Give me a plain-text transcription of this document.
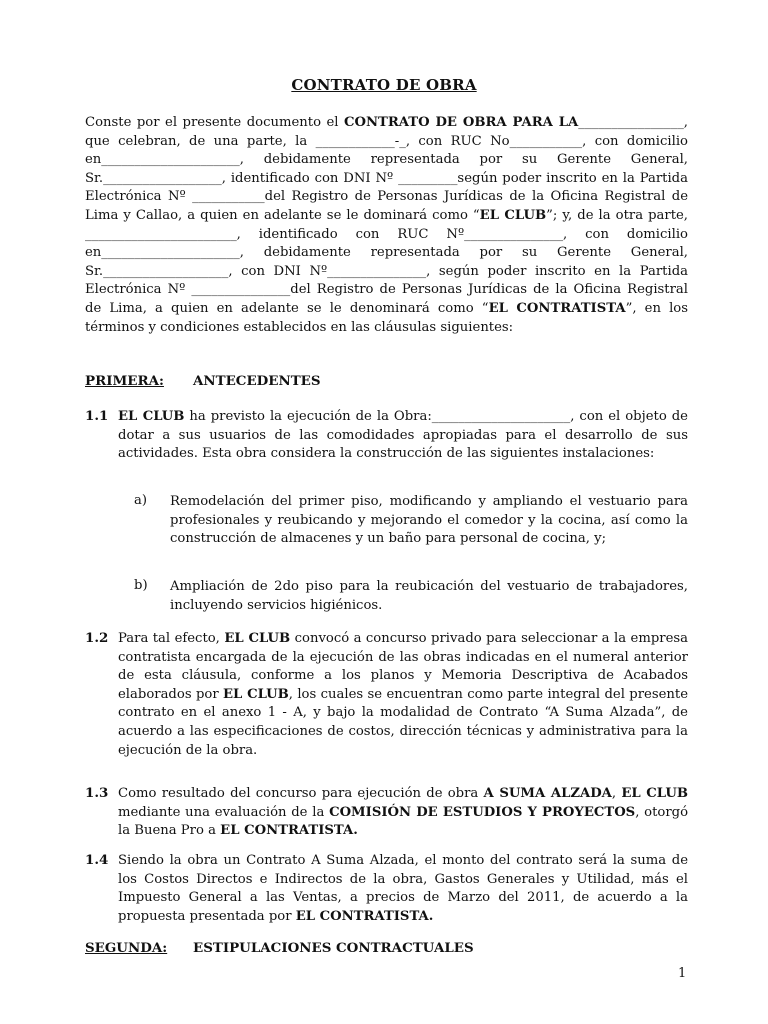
CONTRATO DE OBRA
Conste por el presente documento el CONTRATO DE OBRA PARA LA________________, que celebran, de una parte, la ____________-_, con RUC No___________, con domicilio en_____________________, debidamente representada por su Gerente General, Sr.__________________, identificado con DNI Nº _________según poder inscrito en la Partida Electrónica Nº ___________del Registro de Personas Jurídicas de la Oficina Registral de Lima y Callao, a quien en adelante se le dominará como “EL CLUB”; y, de la otra parte, _______________________, identificado con RUC Nº_______________, con domicilio en_____________________, debidamente representada por su Gerente General, Sr.___________________, con DNI Nº_______________, según poder inscrito en la Partida Electrónica Nº _______________del Registro de Personas Jurídicas de la Oficina Registral de Lima, a quien en adelante se le denominará como “EL CONTRATISTA”, en los términos y condiciones establecidos en las cláusulas siguientes:
PRIMERA: ANTECEDENTES
1.1 EL CLUB ha previsto la ejecución de la Obra:_____________________, con el objeto de dotar a sus usuarios de las comodidades apropiadas para el desarrollo de sus actividades. Esta obra considera la construcción de las siguientes instalaciones:
a) Remodelación del primer piso, modificando y ampliando el vestuario para profesionales y reubicando y mejorando el comedor y la cocina, así como la construcción de almacenes y un baño para personal de cocina, y;
b) Ampliación de 2do piso para la reubicación del vestuario de trabajadores, incluyendo servicios higiénicos.
1.2 Para tal efecto, EL CLUB convocó a concurso privado para seleccionar a la empresa contratista encargada de la ejecución de las obras indicadas en el numeral anterior de esta cláusula, conforme a los planos y Memoria Descriptiva de Acabados elaborados por EL CLUB, los cuales se encuentran como parte integral del presente contrato en el anexo 1 - A, y bajo la modalidad de Contrato “A Suma Alzada”, de acuerdo a las especificaciones de costos, dirección técnicas y administrativa para la ejecución de la obra.
1.3 Como resultado del concurso para ejecución de obra A SUMA ALZADA, EL CLUB mediante una evaluación de la COMISIÓN DE ESTUDIOS Y PROYECTOS, otorgó la Buena Pro a EL CONTRATISTA.
1.4 Siendo la obra un Contrato A Suma Alzada, el monto del contrato será la suma de los Costos Directos e Indirectos de la obra, Gastos Generales y Utilidad, más el Impuesto General a las Ventas, a precios de Marzo del 2011, de acuerdo a la propuesta presentada por EL CONTRATISTA.
SEGUNDA: ESTIPULACIONES CONTRACTUALES
1
